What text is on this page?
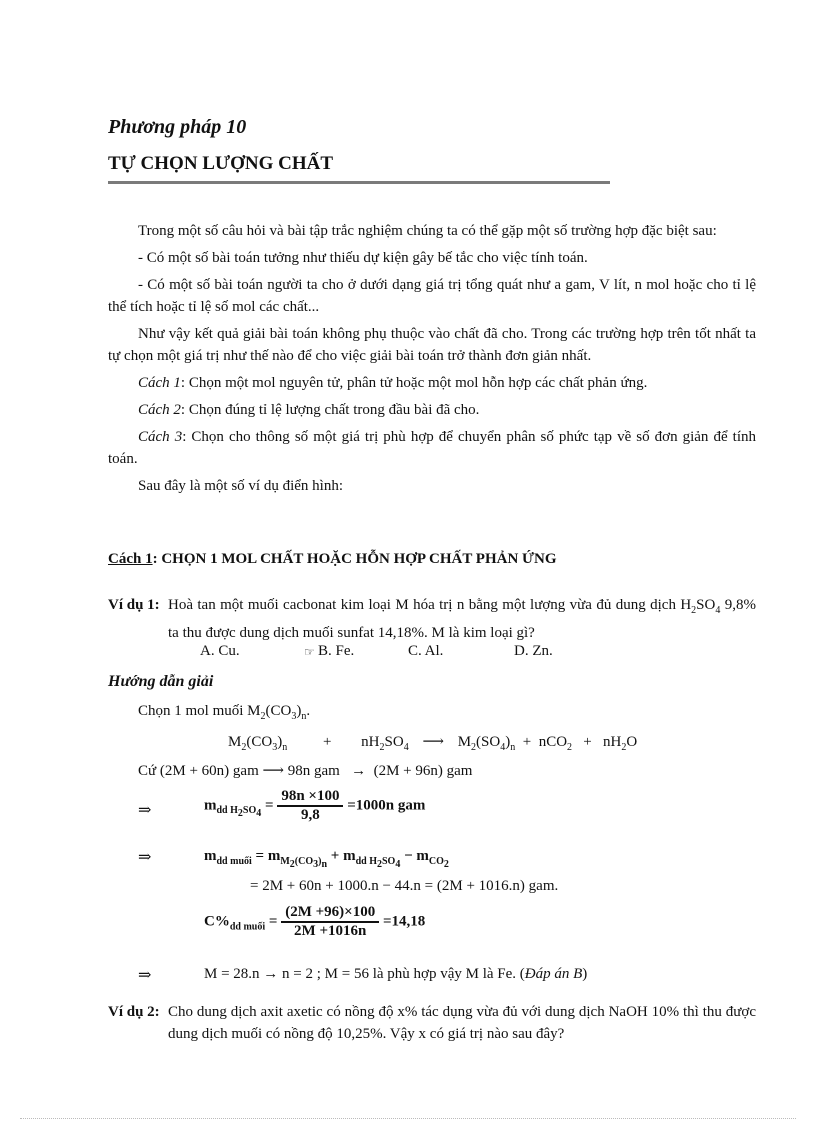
Phương pháp 10
TỰ CHỌN LƯỢNG CHẤT

Trong một số câu hỏi và bài tập trắc nghiệm chúng ta có thể gặp một số trường hợp đặc biệt sau:

- Có một số bài toán tưởng như thiếu dự kiện gây bế tắc cho việc tính toán.

- Có một số bài toán người ta cho ở dưới dạng giá trị tổng quát như a gam, V lít, n mol hoặc cho tỉ lệ thể tích hoặc tỉ lệ số mol các chất...

Như vậy kết quả giải bài toán không phụ thuộc vào chất đã cho. Trong các trường hợp trên tốt nhất ta tự chọn một giá trị như thế nào để cho việc giải bài toán trở thành đơn giản nhất.

Cách 1: Chọn một mol nguyên tử, phân tử hoặc một mol hỗn hợp các chất phản ứng.

Cách 2: Chọn đúng tỉ lệ lượng chất trong đầu bài đã cho.

Cách 3: Chọn cho thông số một giá trị phù hợp để chuyển phân số phức tạp về số đơn giản để tính toán.

Sau đây là một số ví dụ điển hình:

Cách 1: CHỌN 1 MOL CHẤT HOẶC HỖN HỢP CHẤT PHẢN ỨNG
Ví dụ 1: Hoà tan một muối cacbonat kim loại M hóa trị n bằng một lượng vừa đủ dung dịch $H_2SO_4$ 9,8% ta thu được dung dịch muối sunfat 14,18%. M là kim loại gì?
A. Cu.	B. Fe.	C. Al.	D. Zn.
☞
Hướng dẫn giải
Chọn 1 mol muối $M_2(CO_3)_n$.
$M_2(CO_3)_n + nH_2SO_4$ ⟶ $M_2(SO_4)_n + nCO_2 + nH_2O$
Cứ (2M + 60n) gam ⟶ 98n gam → (2M + 96n) gam
⇒	$m_{dd H_2SO_4} = \frac{98n \times 100}{9,8} =1000n$ gam
⇒	$m_{dd muối} = m_{M_2(CO_3)_n} + m_{dd H_2SO_4} - m_{CO_2}$
= 2M + 60n + 1000.n − 44.n = (2M + 1016.n) gam.
$C\%_{dd muối} = \frac{(2M +96)\times 100}{2M +1016n} =14,18$
⇒	M = 28.n → n = 2 ; M = 56 là phù hợp vậy M là Fe. (Đáp án B)
Ví dụ 2: Cho dung dịch axit axetic có nồng độ x% tác dụng vừa đủ với dung dịch NaOH 10% thì thu được dung dịch muối có nồng độ 10,25%. Vậy x có giá trị nào sau đây?
